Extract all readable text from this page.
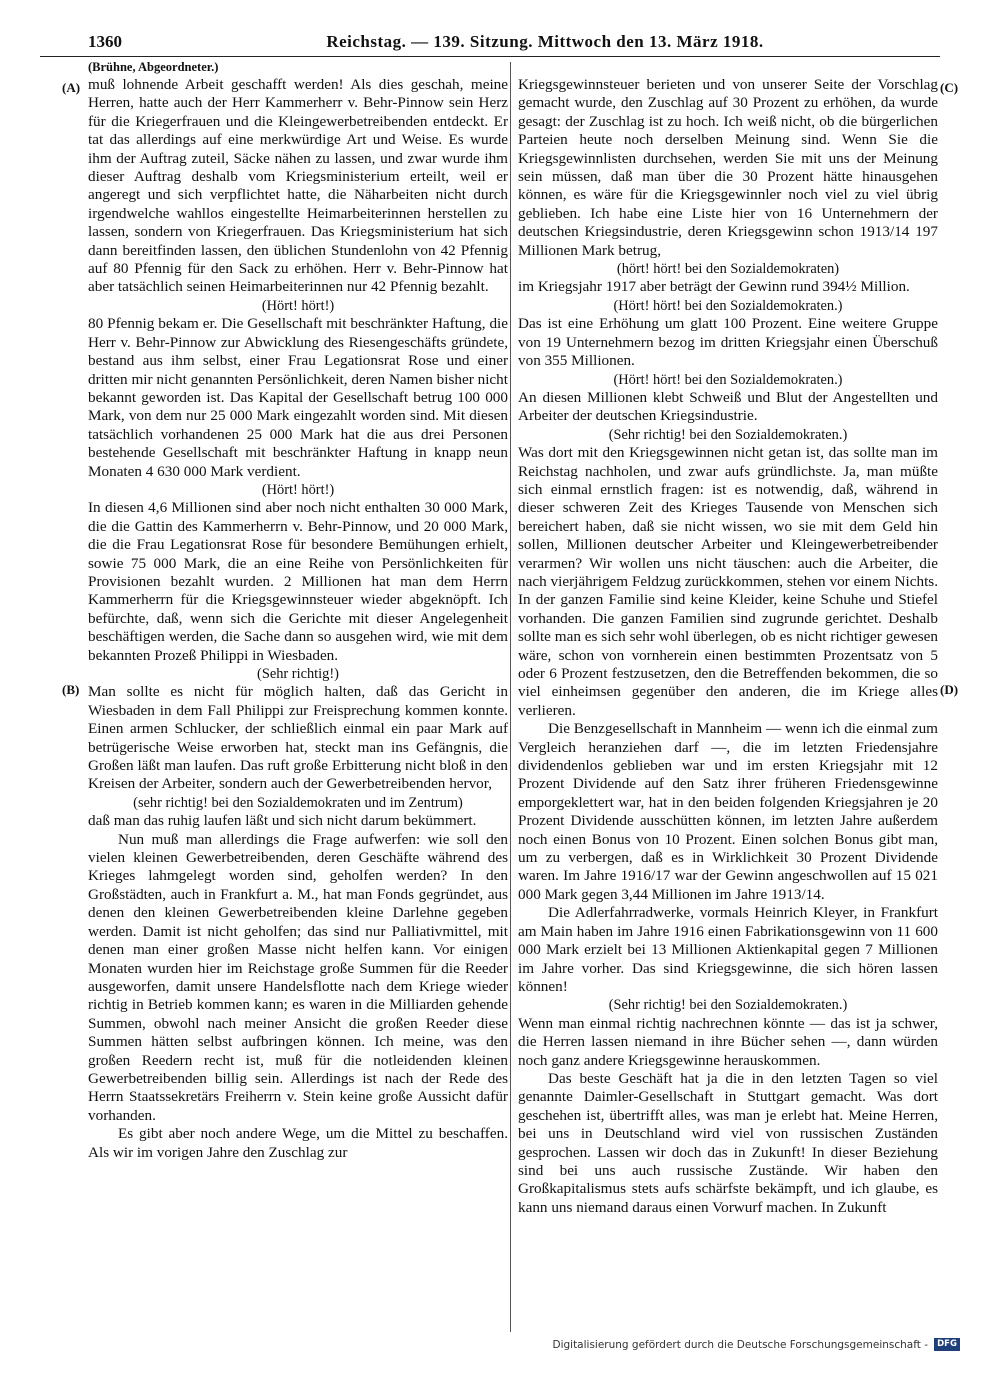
1360	Reichstag. — 139. Sitzung. Mittwoch den 13. März 1918.
(Brühne, Abgeordneter.)
(A)
(B)
(C)
(D)

muß lohnende Arbeit geschafft werden! Als dies geschah, meine Herren, hatte auch der Herr Kammerherr v. Behr-Pinnow sein Herz für die Kriegerfrauen und die Kleingewerbetreibenden entdeckt. Er tat das allerdings auf eine merkwürdige Art und Weise. Es wurde ihm der Auftrag zuteil, Säcke nähen zu lassen, und zwar wurde ihm dieser Auftrag deshalb vom Kriegsministerium erteilt, weil er angeregt und sich verpflichtet hatte, die Näharbeiten nicht durch irgendwelche wahllos eingestellte Heimarbeiterinnen herstellen zu lassen, sondern von Kriegerfrauen. Das Kriegsministerium hat sich dann bereitfinden lassen, den üblichen Stundenlohn von 42 Pfennig auf 80 Pfennig für den Sack zu erhöhen. Herr v. Behr-Pinnow hat aber tatsächlich seinen Heimarbeiterinnen nur 42 Pfennig bezahlt.

(Hört! hört!)

80 Pfennig bekam er. Die Gesellschaft mit beschränkter Haftung, die Herr v. Behr-Pinnow zur Abwicklung des Riesengeschäfts gründete, bestand aus ihm selbst, einer Frau Legationsrat Rose und einer dritten mir nicht genannten Persönlichkeit, deren Namen bisher nicht bekannt geworden ist. Das Kapital der Gesellschaft betrug 100 000 Mark, von dem nur 25 000 Mark eingezahlt worden sind. Mit diesen tatsächlich vorhandenen 25 000 Mark hat die aus drei Personen bestehende Gesellschaft mit beschränkter Haftung in knapp neun Monaten 4 630 000 Mark verdient.

(Hört! hört!)

In diesen 4,6 Millionen sind aber noch nicht enthalten 30 000 Mark, die die Gattin des Kammerherrn v. Behr-Pinnow, und 20 000 Mark, die die Frau Legationsrat Rose für besondere Bemühungen erhielt, sowie 75 000 Mark, die an eine Reihe von Persönlichkeiten für Provisionen bezahlt wurden. 2 Millionen hat man dem Herrn Kammerherrn für die Kriegsgewinnsteuer wieder abgeknöpft. Ich befürchte, daß, wenn sich die Gerichte mit dieser Angelegenheit beschäftigen werden, die Sache dann so ausgehen wird, wie mit dem bekannten Prozeß Philippi in Wiesbaden.

(Sehr richtig!)

Man sollte es nicht für möglich halten, daß das Gericht in Wiesbaden in dem Fall Philippi zur Freisprechung kommen konnte. Einen armen Schlucker, der schließlich einmal ein paar Mark auf betrügerische Weise erworben hat, steckt man ins Gefängnis, die Großen läßt man laufen. Das ruft große Erbitterung nicht bloß in den Kreisen der Arbeiter, sondern auch der Gewerbetreibenden hervor,

(sehr richtig! bei den Sozialdemokraten und im Zentrum)

daß man das ruhig laufen läßt und sich nicht darum bekümmert.

Nun muß man allerdings die Frage aufwerfen: wie soll den vielen kleinen Gewerbetreibenden, deren Geschäfte während des Krieges lahmgelegt worden sind, geholfen werden? In den Großstädten, auch in Frankfurt a. M., hat man Fonds gegründet, aus denen den kleinen Gewerbetreibenden kleine Darlehne gegeben werden. Damit ist nicht geholfen; das sind nur Palliativmittel, mit denen man einer großen Masse nicht helfen kann. Vor einigen Monaten wurden hier im Reichstage große Summen für die Reeder ausgeworfen, damit unsere Handelsflotte nach dem Kriege wieder richtig in Betrieb kommen kann; es waren in die Milliarden gehende Summen, obwohl nach meiner Ansicht die großen Reeder diese Summen hätten selbst aufbringen können. Ich meine, was den großen Reedern recht ist, muß für die notleidenden kleinen Gewerbetreibenden billig sein. Allerdings ist nach der Rede des Herrn Staatssekretärs Freiherrn v. Stein keine große Aussicht dafür vorhanden.

Es gibt aber noch andere Wege, um die Mittel zu beschaffen. Als wir im vorigen Jahre den Zuschlag zur

Kriegsgewinnsteuer berieten und von unserer Seite der Vorschlag gemacht wurde, den Zuschlag auf 30 Prozent zu erhöhen, da wurde gesagt: der Zuschlag ist zu hoch. Ich weiß nicht, ob die bürgerlichen Parteien heute noch derselben Meinung sind. Wenn Sie die Kriegsgewinnlisten durchsehen, werden Sie mit uns der Meinung sein müssen, daß man über die 30 Prozent hätte hinausgehen können, es wäre für die Kriegsgewinnler noch viel zu viel übrig geblieben. Ich habe eine Liste hier von 16 Unternehmern der deutschen Kriegsindustrie, deren Kriegsgewinn schon 1913/14 197 Millionen Mark betrug,

(hört! hört! bei den Sozialdemokraten)

im Kriegsjahr 1917 aber beträgt der Gewinn rund 394½ Million.

(Hört! hört! bei den Sozialdemokraten.)

Das ist eine Erhöhung um glatt 100 Prozent. Eine weitere Gruppe von 19 Unternehmern bezog im dritten Kriegsjahr einen Überschuß von 355 Millionen.

(Hört! hört! bei den Sozialdemokraten.)

An diesen Millionen klebt Schweiß und Blut der Angestellten und Arbeiter der deutschen Kriegsindustrie.

(Sehr richtig! bei den Sozialdemokraten.)

Was dort mit den Kriegsgewinnen nicht getan ist, das sollte man im Reichstag nachholen, und zwar aufs gründlichste. Ja, man müßte sich einmal ernstlich fragen: ist es notwendig, daß, während in dieser schweren Zeit des Krieges Tausende von Menschen sich bereichert haben, daß sie nicht wissen, wo sie mit dem Geld hin sollen, Millionen deutscher Arbeiter und Kleingewerbetreibender verarmen? Wir wollen uns nicht täuschen: auch die Arbeiter, die nach vierjährigem Feldzug zurückkommen, stehen vor einem Nichts. In der ganzen Familie sind keine Kleider, keine Schuhe und Stiefel vorhanden. Die ganzen Familien sind zugrunde gerichtet. Deshalb sollte man es sich sehr wohl überlegen, ob es nicht richtiger gewesen wäre, schon von vornherein einen bestimmten Prozentsatz von 5 oder 6 Prozent festzusetzen, den die Betreffenden bekommen, die so viel einheimsen gegenüber den anderen, die im Kriege alles verlieren.

Die Benzgesellschaft in Mannheim — wenn ich die einmal zum Vergleich heranziehen darf —, die im letzten Friedensjahre dividendenlos geblieben war und im ersten Kriegsjahr mit 12 Prozent Dividende auf den Satz ihrer früheren Friedensgewinne emporgeklettert war, hat in den beiden folgenden Kriegsjahren je 20 Prozent Dividende ausschütten können, im letzten Jahre außerdem noch einen Bonus von 10 Prozent. Einen solchen Bonus gibt man, um zu verbergen, daß es in Wirklichkeit 30 Prozent Dividende waren. Im Jahre 1916/17 war der Gewinn angeschwollen auf 15 021 000 Mark gegen 3,44 Millionen im Jahre 1913/14.

Die Adlerfahrradwerke, vormals Heinrich Kleyer, in Frankfurt am Main haben im Jahre 1916 einen Fabrikationsgewinn von 11 600 000 Mark erzielt bei 13 Millionen Aktienkapital gegen 7 Millionen im Jahre vorher. Das sind Kriegsgewinne, die sich hören lassen können!

(Sehr richtig! bei den Sozialdemokraten.)

Wenn man einmal richtig nachrechnen könnte — das ist ja schwer, die Herren lassen niemand in ihre Bücher sehen —, dann würden noch ganz andere Kriegsgewinne herauskommen.

Das beste Geschäft hat ja die in den letzten Tagen so viel genannte Daimler-Gesellschaft in Stuttgart gemacht. Was dort geschehen ist, übertrifft alles, was man je erlebt hat. Meine Herren, bei uns in Deutschland wird viel von russischen Zuständen gesprochen. Lassen wir doch das in Zukunft! In dieser Beziehung sind bei uns auch russische Zustände. Wir haben den Großkapitalismus stets aufs schärfste bekämpft, und ich glaube, es kann uns niemand daraus einen Vorwurf machen. In Zukunft

Digitalisierung gefördert durch die Deutsche Forschungsgemeinschaft -	DFG
